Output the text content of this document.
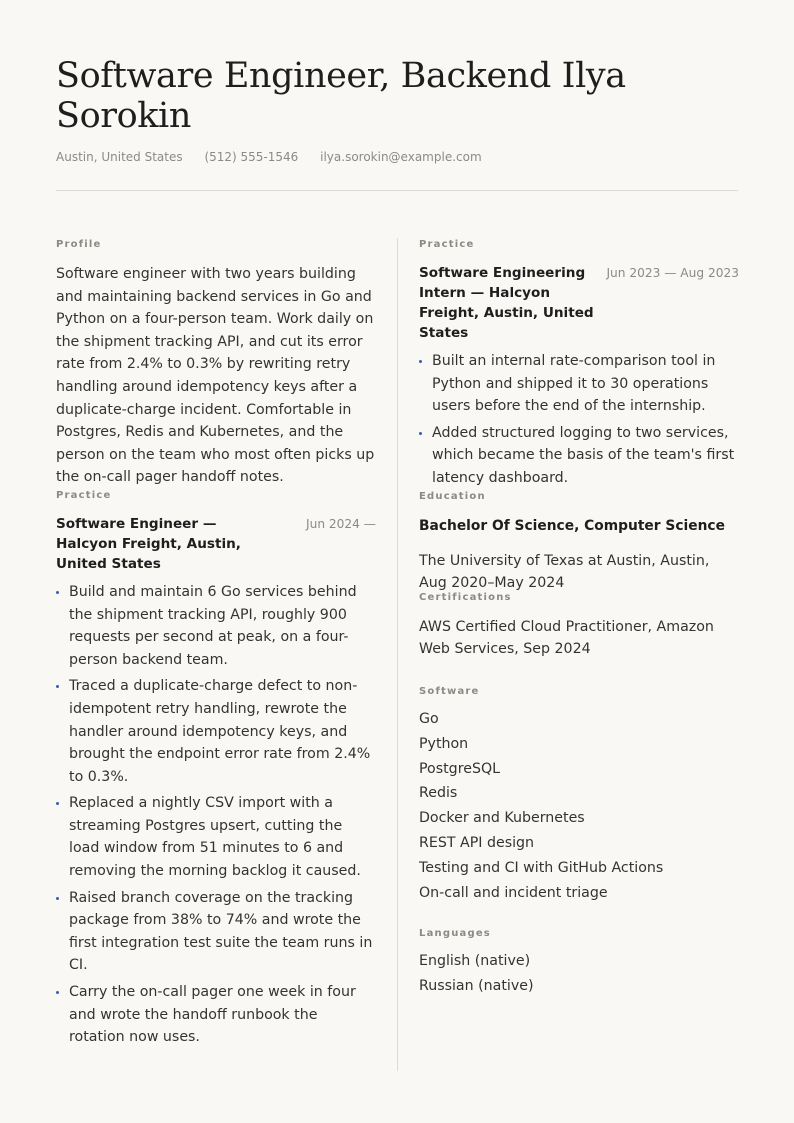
Software Engineer, Backend Ilya Sorokin
Austin, United States (512) 555-1546 ilya.sorokin@example.com
Profile

Software engineer with two years building and maintaining backend services in Go and Python on a four-person team. Work daily on the shipment tracking API, and cut its error rate from 2.4% to 0.3% by rewriting retry handling around idempotency keys after a duplicate-charge incident. Comfortable in Postgres, Redis and Kubernetes, and the person on the team who most often picks up the on-call pager handoff notes.

Practice
Software Engineer — Halcyon Freight, Austin, United States
Jun 2024 —
Build and maintain 6 Go services behind the shipment tracking API, roughly 900 requests per second at peak, on a four-person backend team.
Traced a duplicate-charge defect to non-idempotent retry handling, rewrote the handler around idempotency keys, and brought the endpoint error rate from 2.4% to 0.3%.
Replaced a nightly CSV import with a streaming Postgres upsert, cutting the load window from 51 minutes to 6 and removing the morning backlog it caused.
Raised branch coverage on the tracking package from 38% to 74% and wrote the first integration test suite the team runs in CI.
Carry the on-call pager one week in four and wrote the handoff runbook the rotation now uses.
Practice
Software Engineering Intern — Halcyon Freight, Austin, United States
Jun 2023 — Aug 2023
Built an internal rate-comparison tool in Python and shipped it to 30 operations users before the end of the internship.
Added structured logging to two services, which became the basis of the team's first latency dashboard.
Education
Bachelor Of Science, Computer Science

The University of Texas at Austin, Austin, Aug 2020–May 2024

Certifications

AWS Certified Cloud Practitioner, Amazon Web Services, Sep 2024

Software
Go
Python
PostgreSQL
Redis
Docker and Kubernetes
REST API design
Testing and CI with GitHub Actions
On-call and incident triage
Languages
English (native)
Russian (native)
